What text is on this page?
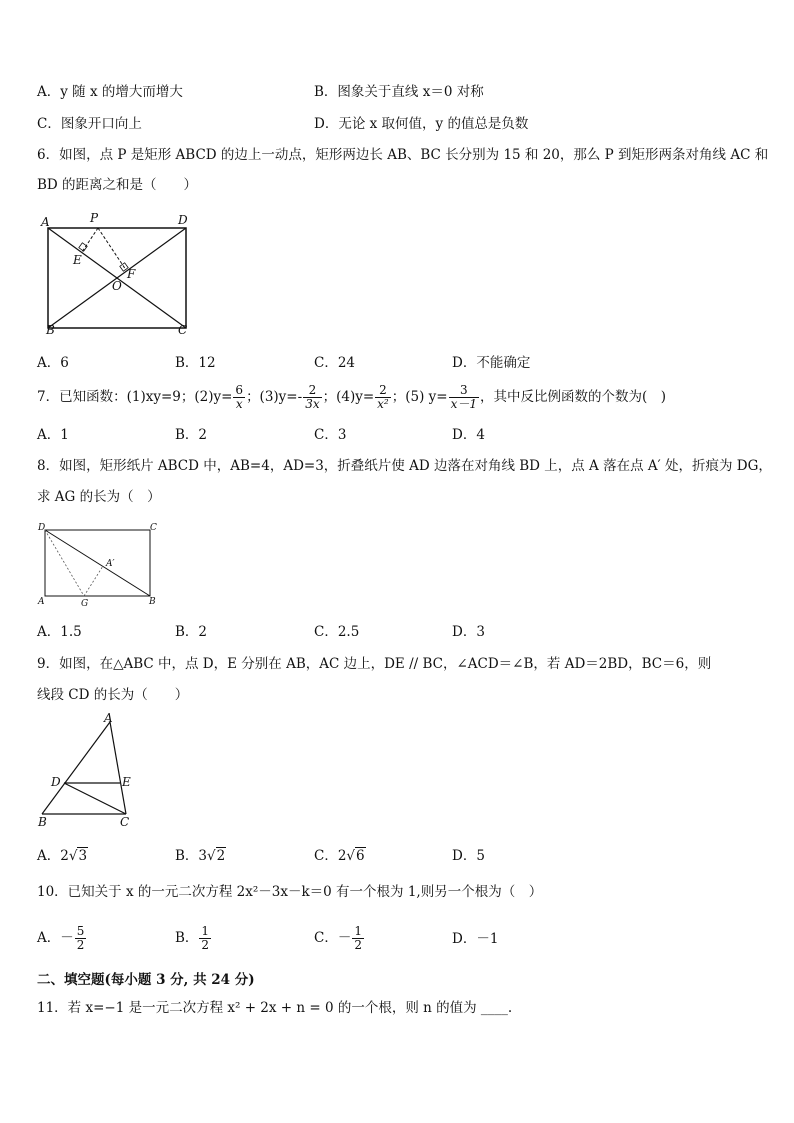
A．y 随 x 的增大而增大	B．图象关于直线 x＝0 对称
C．图象开口向上	D．无论 x 取何值，y 的值总是负数
6．如图，点 P 是矩形 ABCD 的边上一动点，矩形两边长 AB、BC 长分别为 15 和 20，那么 P 到矩形两条对角线 AC 和
BD 的距离之和是（　　）
A	P	D
E
F
O
B	C
A．6	B．12	C．24	D．不能确定
7．已知函数：(1)xy=9；$(2)y= \frac{6}{x}$ ；$(3)y=- \frac{2}{3x}$ ；$(4)y= \frac{2}{\text{x²}}$ ；(5) $y= \frac{3}{x-1}$ ，其中反比例函数的个数为(　)
A．1	B．2	C．3	D．4
8．如图，矩形纸片 ABCD 中，AB=4，AD=3，折叠纸片使 AD 边落在对角线 BD 上，点 A 落在点 A′ 处，折痕为 DG，
求 AG 的长为（　）
D	C
A′
A	G	B
A．1.5	B．2	C．2.5	D．3
9．如图，在△ABC 中，点 D，E 分别在 AB，AC 边上，DE // BC，∠ACD＝∠B，若 AD＝2BD，BC＝6，则
线段 CD 的长为（　　）
A
D	E
B	C
A．2√3	B．3√2	C．2√6	D．5
10．已知关于 x 的一元二次方程 2x²－3x－k＝0 有一个根为 1,则另一个根为（　）
A．－ $\frac{5}{2}$	B． $\frac{1}{2}$	C．－ $\frac{1}{2}$	D．－1
二、填空题(每小题 3 分, 共 24 分)
11．若 x=−1 是一元二次方程 x² + 2x + n = 0 的一个根，则 n 的值为 ____.
